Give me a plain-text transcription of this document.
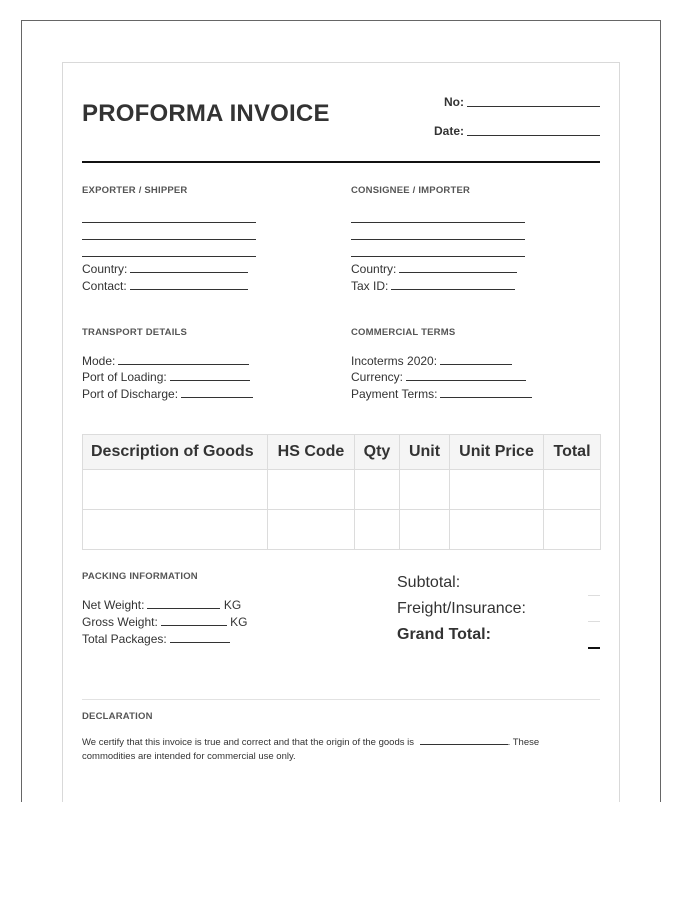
PROFORMA INVOICE	No:
Date:
EXPORTER / SHIPPER
Country:
Contact:
CONSIGNEE / IMPORTER
Country:
Tax ID:
TRANSPORT DETAILS
Mode:
Port of Loading:
Port of Discharge:
COMMERCIAL TERMS
Incoterms 2020:
Currency:
Payment Terms:
Description of Goods	HS Code	Qty	Unit	Unit Price	Total

PACKING INFORMATION
Net Weight:	KG
Gross Weight:	KG
Total Packages:
Subtotal:
Freight/Insurance:
Grand Total:
DECLARATION
We certify that this invoice is true and correct and that the origin of the goods is	. These commodities are intended for commercial use only.
